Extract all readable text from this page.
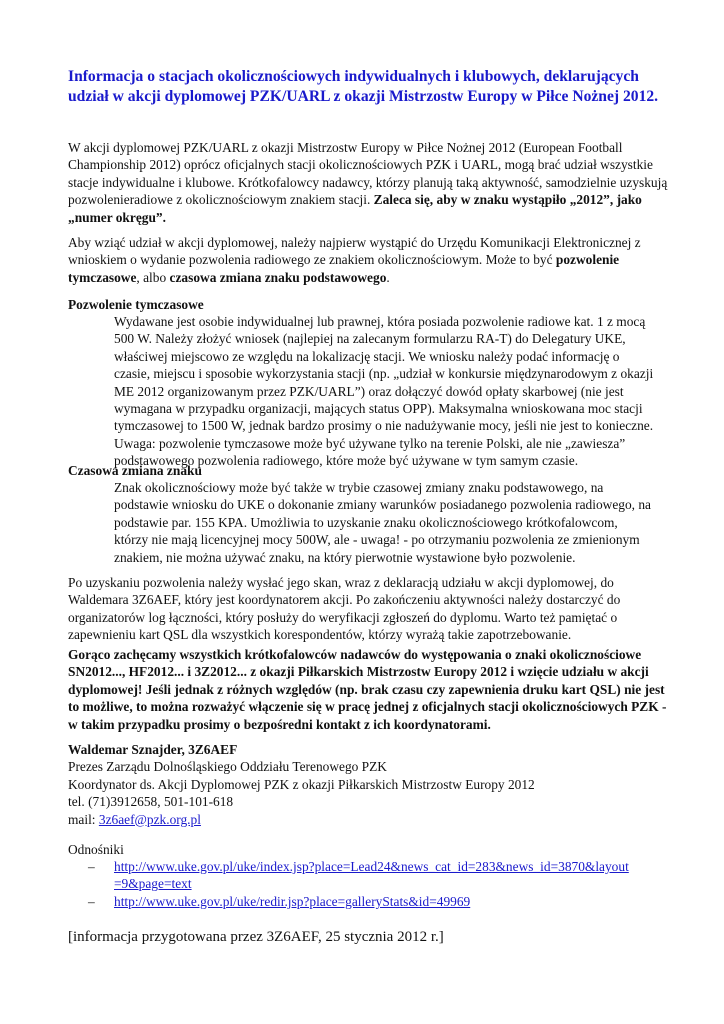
Informacja o stacjach okolicznościowych indywidualnych i klubowych, deklarujących udział w akcji dyplomowej PZK/UARL z okazji Mistrzostw Europy w Piłce Nożnej 2012.

W akcji dyplomowej PZK/UARL z okazji Mistrzostw Europy w Piłce Nożnej 2012 (European Football Championship 2012) oprócz oficjalnych stacji okolicznościowych PZK i UARL, mogą brać udział wszystkie stacje indywidualne i klubowe. Krótkofalowcy nadawcy, którzy planują taką aktywność, samodzielnie uzyskują pozwolenieradiowe z okolicznościowym znakiem stacji. Zaleca się, aby w znaku wystąpiło „2012”, jako „numer okręgu”.

Aby wziąć udział w akcji dyplomowej, należy najpierw wystąpić do Urzędu Komunikacji Elektronicznej z wnioskiem o wydanie pozwolenia radiowego ze znakiem okolicznościowym. Może to być pozwolenie tymczasowe, albo czasowa zmiana znaku podstawowego.

Pozwolenie tymczasowe

Wydawane jest osobie indywidualnej lub prawnej, która posiada pozwolenie radiowe kat. 1 z mocą 500 W. Należy złożyć wniosek (najlepiej na zalecanym formularzu RA-T) do Delegatury UKE, właściwej miejscowo ze względu na lokalizację stacji. We wniosku należy podać informację o czasie, miejscu i sposobie wykorzystania stacji (np. „udział w konkursie międzynarodowym z okazji ME 2012 organizowanym przez PZK/UARL”) oraz dołączyć dowód opłaty skarbowej (nie jest wymagana w przypadku organizacji, mających status OPP). Maksymalna wnioskowana moc stacji tymczasowej to 1500 W, jednak bardzo prosimy o nie nadużywanie mocy, jeśli nie jest to konieczne. Uwaga: pozwolenie tymczasowe może być używane tylko na terenie Polski, ale nie „zawiesza” podstawowego pozwolenia radiowego, które może być używane w tym samym czasie.

Czasowa zmiana znaku

Znak okolicznościowy może być także w trybie czasowej zmiany znaku podstawowego, na podstawie wniosku do UKE o dokonanie zmiany warunków posiadanego pozwolenia radiowego, na podstawie par. 155 KPA. Umożliwia to uzyskanie znaku okolicznościowego krótkofalowcom, którzy nie mają licencyjnej mocy 500W, ale - uwaga! - po otrzymaniu pozwolenia ze zmienionym znakiem, nie można używać znaku, na który pierwotnie wystawione było pozwolenie.

Po uzyskaniu pozwolenia należy wysłać jego skan, wraz z deklaracją udziału w akcji dyplomowej, do Waldemara 3Z6AEF, który jest koordynatorem akcji. Po zakończeniu aktywności należy dostarczyć do organizatorów log łączności, który posłuży do weryfikacji zgłoszeń do dyplomu. Warto też pamiętać o zapewnieniu kart QSL dla wszystkich korespondentów, którzy wyrażą takie zapotrzebowanie.

Gorąco zachęcamy wszystkich krótkofalowców nadawców do występowania o znaki okolicznościowe SN2012..., HF2012... i 3Z2012... z okazji Piłkarskich Mistrzostw Europy 2012 i wzięcie udziału w akcji dyplomowej! Jeśli jednak z różnych względów (np. brak czasu czy zapewnienia druku kart QSL) nie jest to możliwe, to można rozważyć włączenie się w pracę jednej z oficjalnych stacji okolicznościowych PZK - w takim przypadku prosimy o bezpośredni kontakt z ich koordynatorami.

Waldemar Sznajder, 3Z6AEF
Prezes Zarządu Dolnośląskiego Oddziału Terenowego PZK
Koordynator ds. Akcji Dyplomowej PZK z okazji Piłkarskich Mistrzostw Europy 2012
tel. (71)3912658, 501-101-618
mail: 3z6aef@pzk.org.pl

Odnośniki

–	http://www.uke.gov.pl/uke/index.jsp?place=Lead24&news_cat_id=283&news_id=3870&layout=9&page=text
–	http://www.uke.gov.pl/uke/redir.jsp?place=galleryStats&id=49969

[informacja przygotowana przez 3Z6AEF, 25 stycznia 2012 r.]
